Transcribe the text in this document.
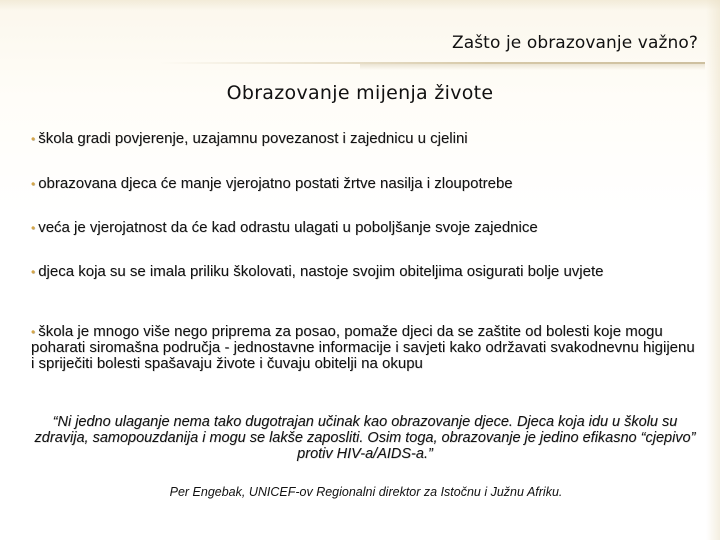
Zašto je obrazovanje važno?
Obrazovanje mijenja živote
• škola gradi povjerenje, uzajamnu povezanost i zajednicu u cjelini
• obrazovana djeca će manje vjerojatno postati žrtve nasilja i zloupotrebe
• veća je vjerojatnost da će kad odrastu ulagati u poboljšanje svoje zajednice
• djeca koja su se imala priliku školovati, nastoje svojim obiteljima osigurati bolje uvjete
• škola je mnogo više nego priprema za posao, pomaže djeci da se zaštite od bolesti koje mogu poharati siromašna područja - jednostavne informacije i savjeti kako održavati svakodnevnu higijenu i spriječiti bolesti spašavaju živote i čuvaju obitelji na okupu

“Ni jedno ulaganje nema tako dugotrajan učinak kao obrazovanje djece. Djeca koja idu u školu su zdravija, samopouzdanija i mogu se lakše zaposliti. Osim toga, obrazovanje je jedino efikasno “cjepivo” protiv HIV-a/AIDS-a.”

Per Engebak, UNICEF-ov Regionalni direktor za Istočnu i Južnu Afriku.
